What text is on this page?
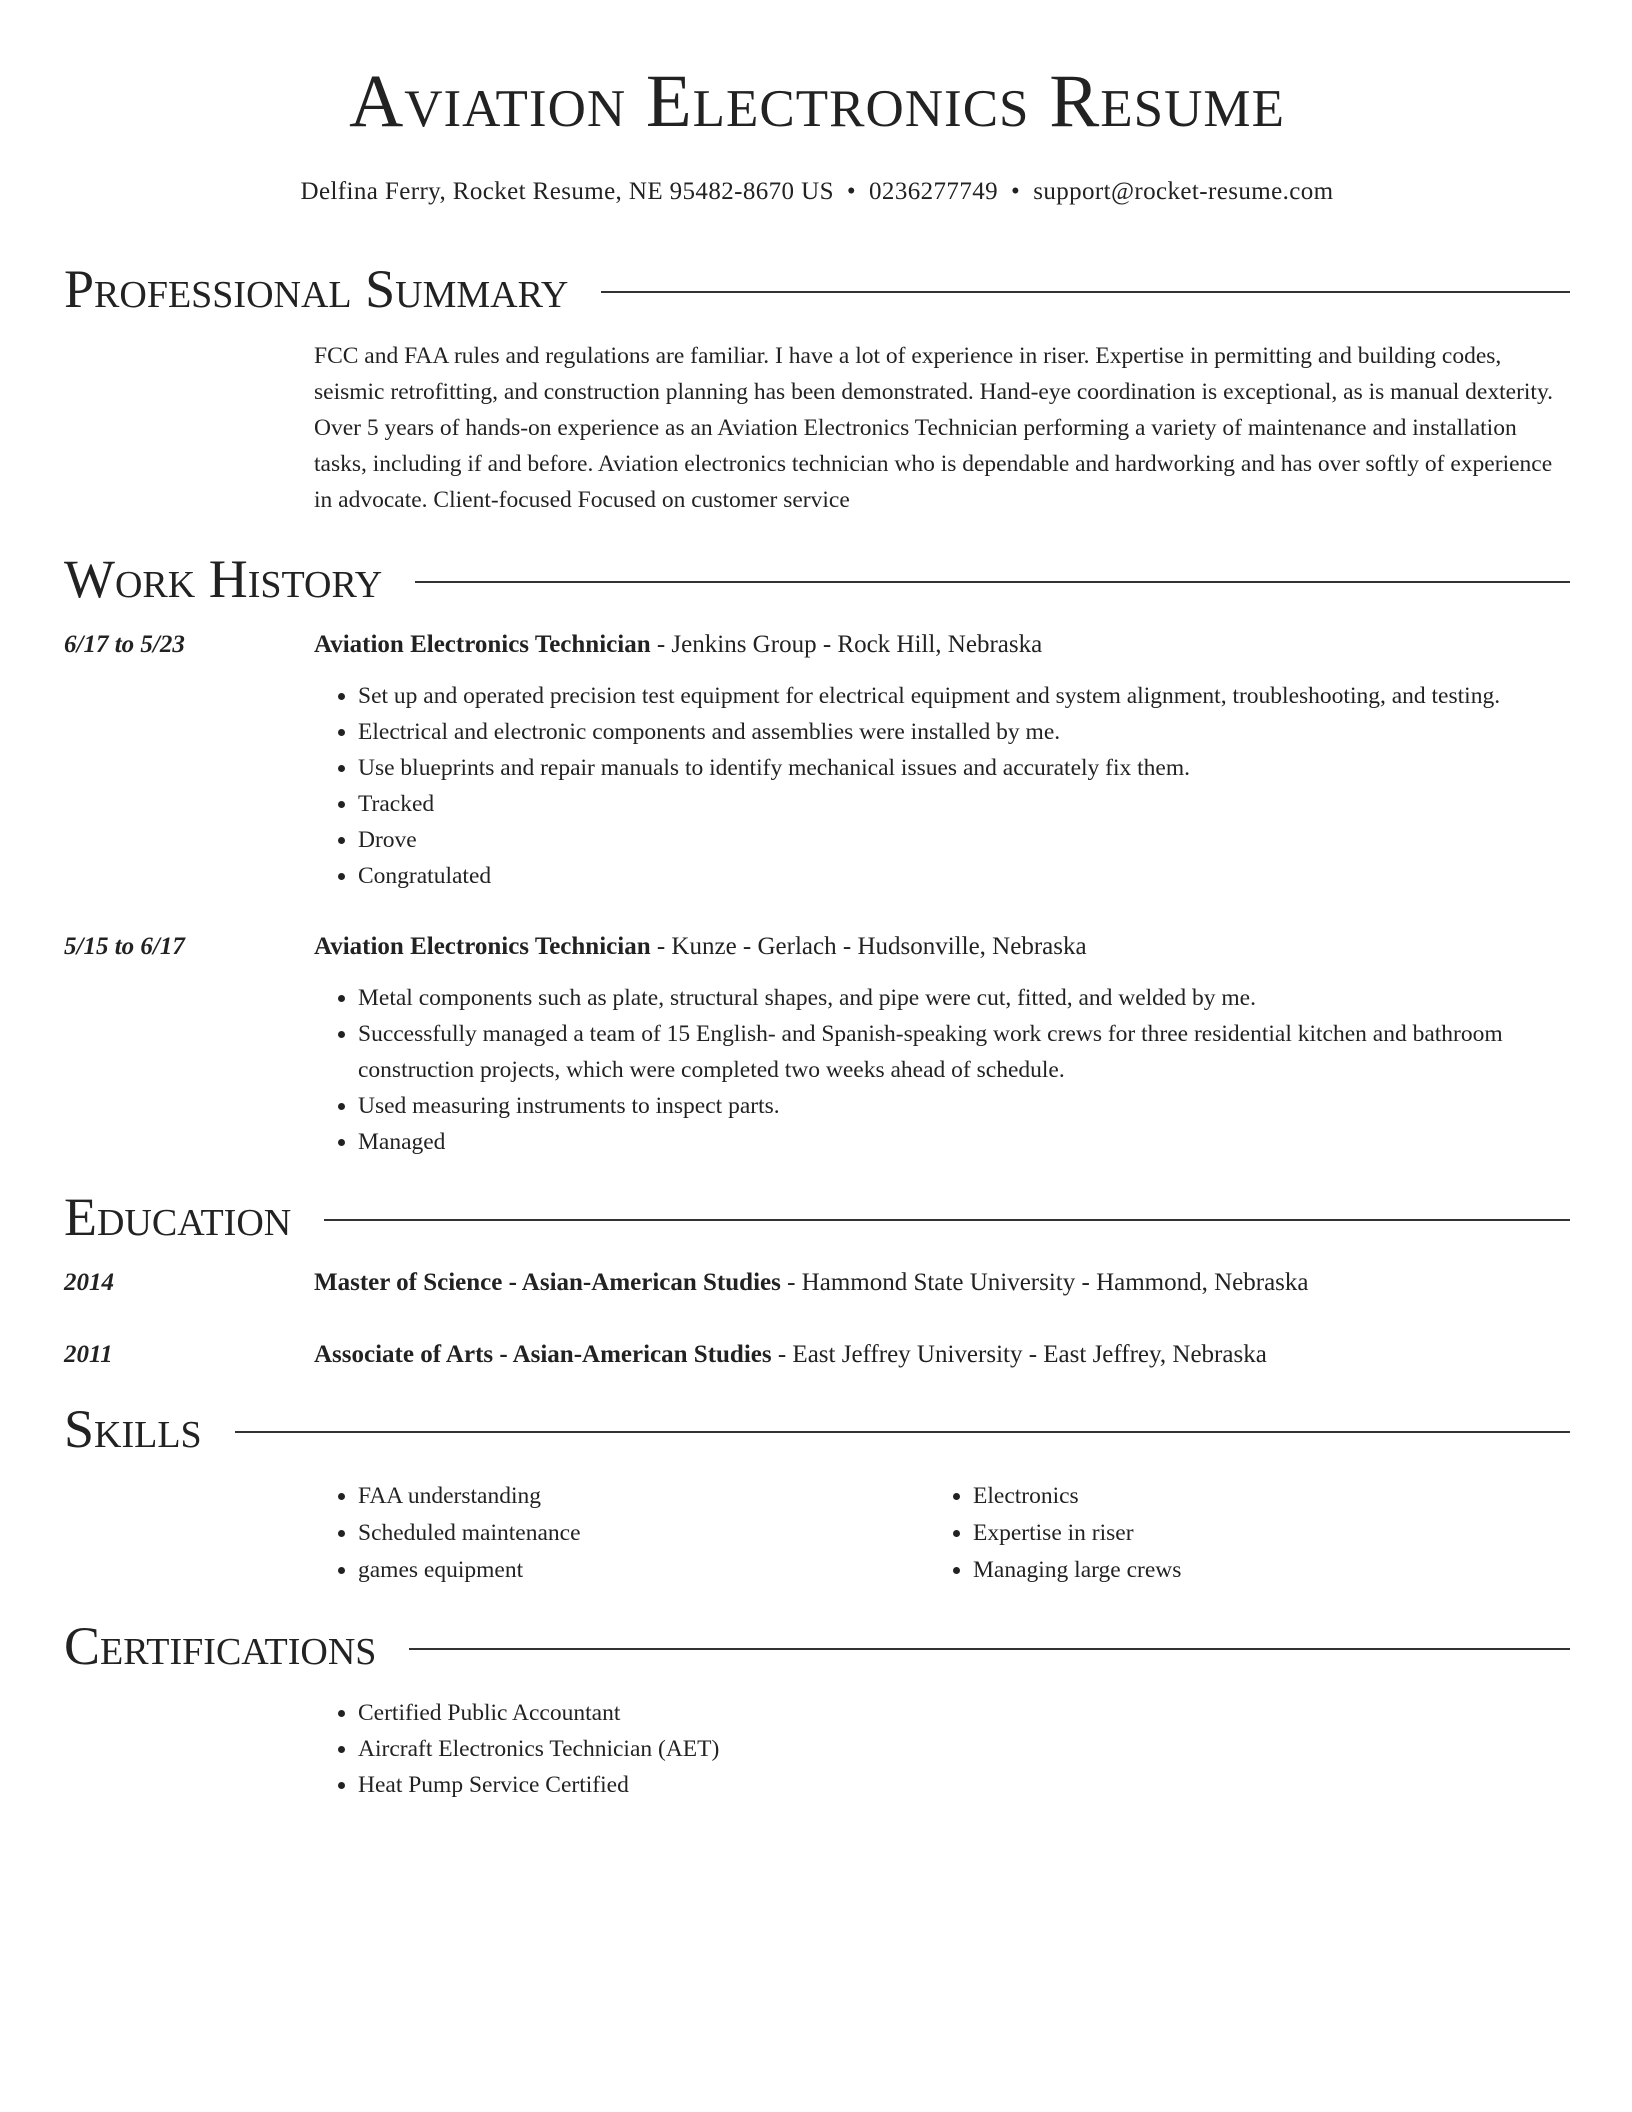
Aviation Electronics Resume
Delfina Ferry, Rocket Resume, NE 95482-8670 US • 0236277749 • support@rocket-resume.com
Professional Summary
FCC and FAA rules and regulations are familiar. I have a lot of experience in riser. Expertise in permitting and building codes, seismic retrofitting, and construction planning has been demonstrated. Hand-eye coordination is exceptional, as is manual dexterity. Over 5 years of hands-on experience as an Aviation Electronics Technician performing a variety of maintenance and installation tasks, including if and before. Aviation electronics technician who is dependable and hardworking and has over softly of experience in advocate. Client-focused Focused on customer service
Work History
6/17 to 5/23	Aviation Electronics Technician - Jenkins Group - Rock Hill, Nebraska
• Set up and operated precision test equipment for electrical equipment and system alignment, troubleshooting, and testing.
• Electrical and electronic components and assemblies were installed by me.
• Use blueprints and repair manuals to identify mechanical issues and accurately fix them.
• Tracked
• Drove
• Congratulated
5/15 to 6/17	Aviation Electronics Technician - Kunze - Gerlach - Hudsonville, Nebraska
• Metal components such as plate, structural shapes, and pipe were cut, fitted, and welded by me.
• Successfully managed a team of 15 English- and Spanish-speaking work crews for three residential kitchen and bathroom construction projects, which were completed two weeks ahead of schedule.
• Used measuring instruments to inspect parts.
• Managed
Education
2014	Master of Science - Asian-American Studies - Hammond State University - Hammond, Nebraska
2011	Associate of Arts - Asian-American Studies - East Jeffrey University - East Jeffrey, Nebraska
Skills
• FAA understanding
• Scheduled maintenance
• games equipment
• Electronics
• Expertise in riser
• Managing large crews
Certifications
• Certified Public Accountant
• Aircraft Electronics Technician (AET)
• Heat Pump Service Certified
